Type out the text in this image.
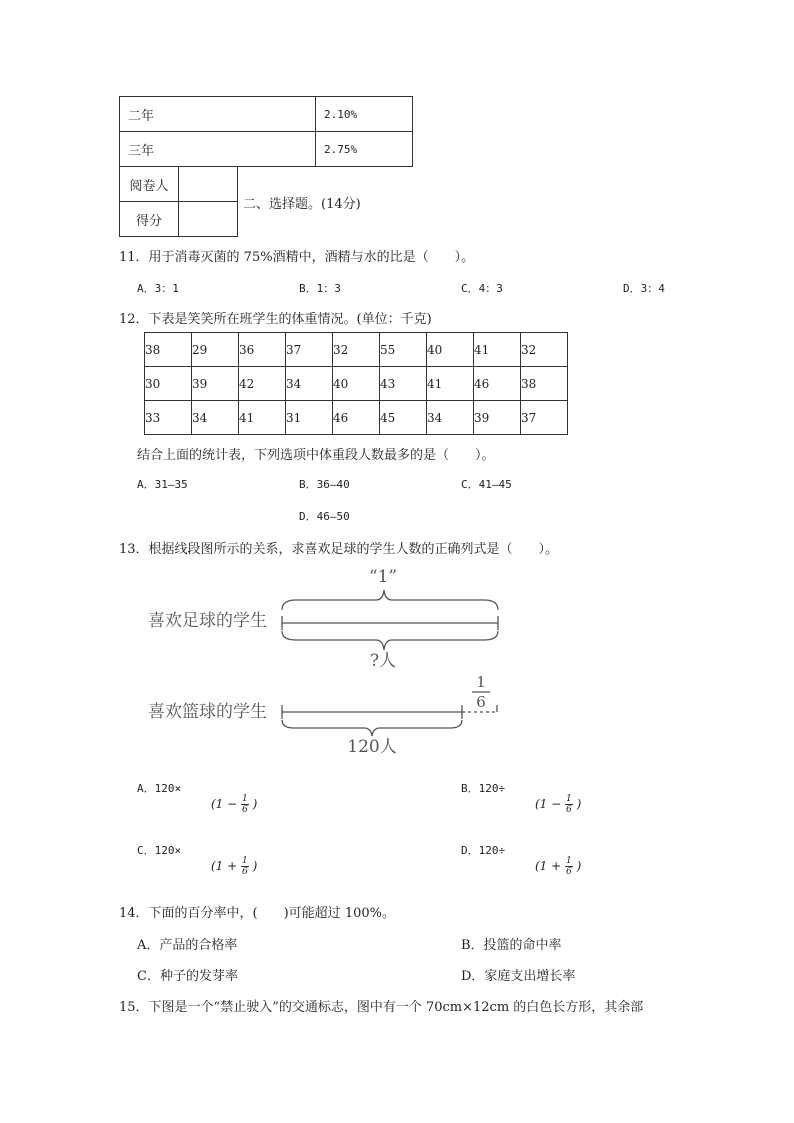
二年	2.10%
三年	2.75%
阅卷人	
得分	
二、选择题。(14分)
11．用于消毒灭菌的 75%酒精中，酒精与水的比是（　　）。
A．3：1	B．1：3	C．4：3	D．3：4
12．下表是笑笑所在班学生的体重情况。(单位：千克)
38	29	36	37	32	55	40	41	32
30	39	42	34	40	43	41	46	38
33	34	41	31	46	45	34	39	37
结合上面的统计表，下列选项中体重段人数最多的是（　　）。
A．31—35	B．36—40	C．41—45
D．46—50
13．根据线段图所示的关系，求喜欢足球的学生人数的正确列式是（　　）。
“1”
喜欢足球的学生
?人
喜欢篮球的学生
1
6
120人
A．120×
($1 - \frac{1}{6}$ )
B．120÷
($1 - \frac{1}{6}$ )
C．120×
($1 + \frac{1}{6}$ )
D．120÷
($1 + \frac{1}{6}$ )
14．下面的百分率中，(　　)可能超过 100%。
A．产品的合格率	B．投篮的命中率
C．种子的发芽率	D．家庭支出增长率
15．下图是一个“禁止驶入”的交通标志，图中有一个 70cm×12cm 的白色长方形，其余部
